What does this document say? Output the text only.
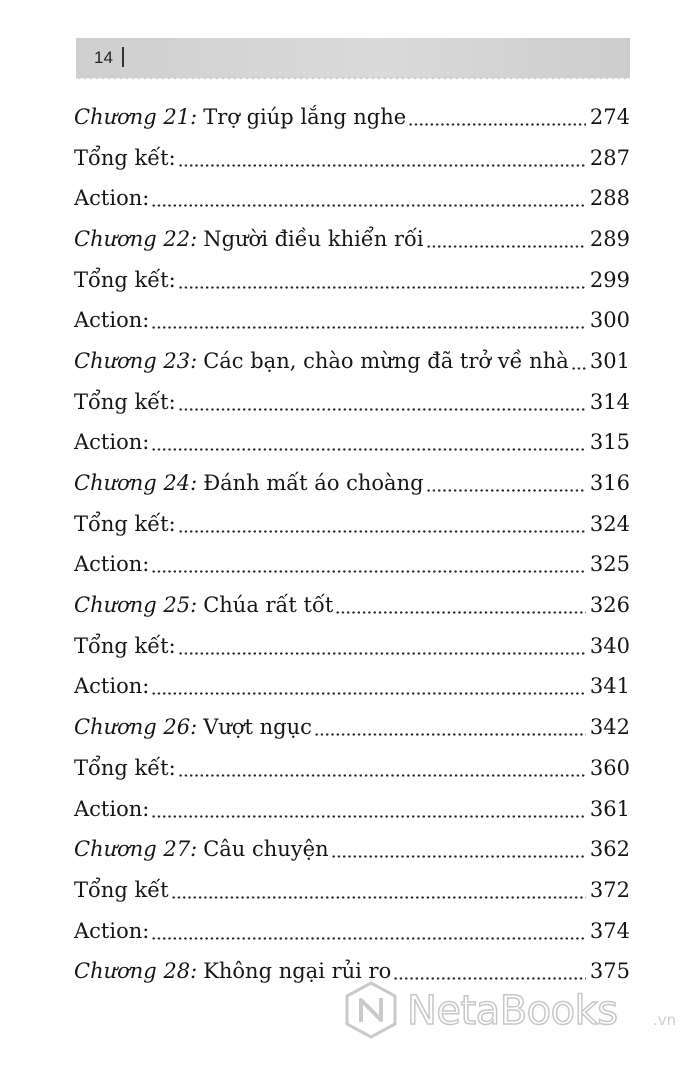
14
Chương 21: Trợ giúp lắng nghe	274
Tổng kết:	287
Action:	288
Chương 22: Người điều khiển rối	289
Tổng kết:	299
Action:	300
Chương 23: Các bạn, chào mừng đã trở về nhà 301
Tổng kết:	314
Action:	315
Chương 24: Đánh mất áo choàng	316
Tổng kết:	324
Action:	325
Chương 25: Chúa rất tốt	326
Tổng kết:	340
Action:	341
Chương 26: Vượt ngục	342
Tổng kết:	360
Action:	361
Chương 27: Câu chuyện	362
Tổng kết	372
Action:	374
Chương 28: Không ngại rủi ro	375
NetaBooks .vn
